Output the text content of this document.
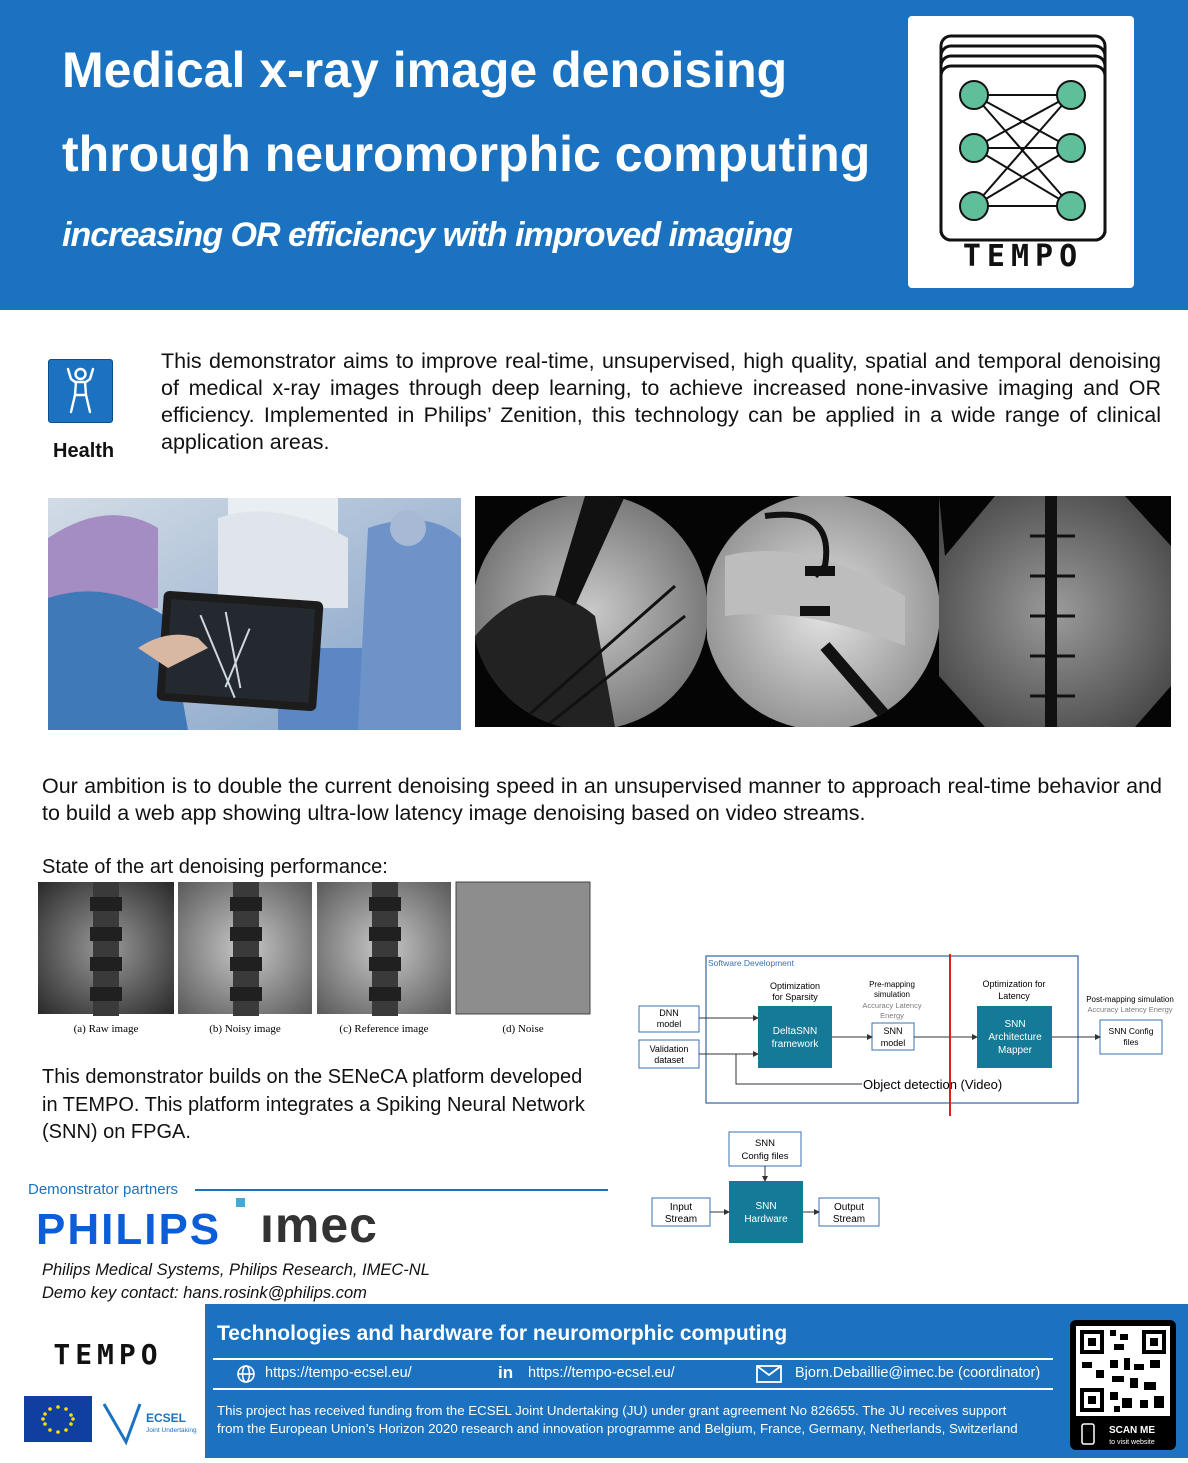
Medical x-ray image denoising
through neuromorphic computing
increasing OR efficiency with improved imaging
TEMPO
Health
This demonstrator aims to improve real-time, unsupervised, high quality, spatial and temporal denoising of medical x-ray images through deep learning, to achieve increased none-invasive imaging and OR efficiency. Implemented in Philips’ Zenition, this technology can be applied in a wide range of clinical application areas.
Our ambition is to double the current denoising speed in an unsupervised manner to approach real-time behavior and to build a web app showing ultra-low latency image denoising based on video streams.
State of the art denoising performance:
(a) Raw image	(b) Noisy image	(c) Reference image	(d) Noise
This demonstrator builds on the SENeCA platform developed in TEMPO. This platform integrates a Spiking Neural Network (SNN) on FPGA.
Demonstrator partners
PHILIPS ımec
Philips Medical Systems, Philips Research, IMEC-NL
Demo key contact: hans.rosink@philips.com
Software Development
DNN
model
Validation
dataset
Optimization
for Sparsity
DeltaSNN
framework
Pre-mapping
simulation
Accuracy Latency
Energy
SNN
model
Optimization for
Latency
SNN
Architecture
Mapper
Post-mapping simulation
Accuracy Latency Energy
SNN Config
files
Object detection (Video)
SNN
Config files
Input
Stream
SNN
Hardware
Output
Stream
TEMPO
ECSEL
Joint Undertaking
Technologies and hardware for neuromorphic computing
https://tempo-ecsel.eu/	in https://tempo-ecsel.eu/	Bjorn.Debaillie@imec.be (coordinator)
This project has received funding from the ECSEL Joint Undertaking (JU) under grant agreement No 826655. The JU receives support
from the European Union’s Horizon 2020 research and innovation programme and Belgium, France, Germany, Netherlands, Switzerland	SCAN ME
to visit website
